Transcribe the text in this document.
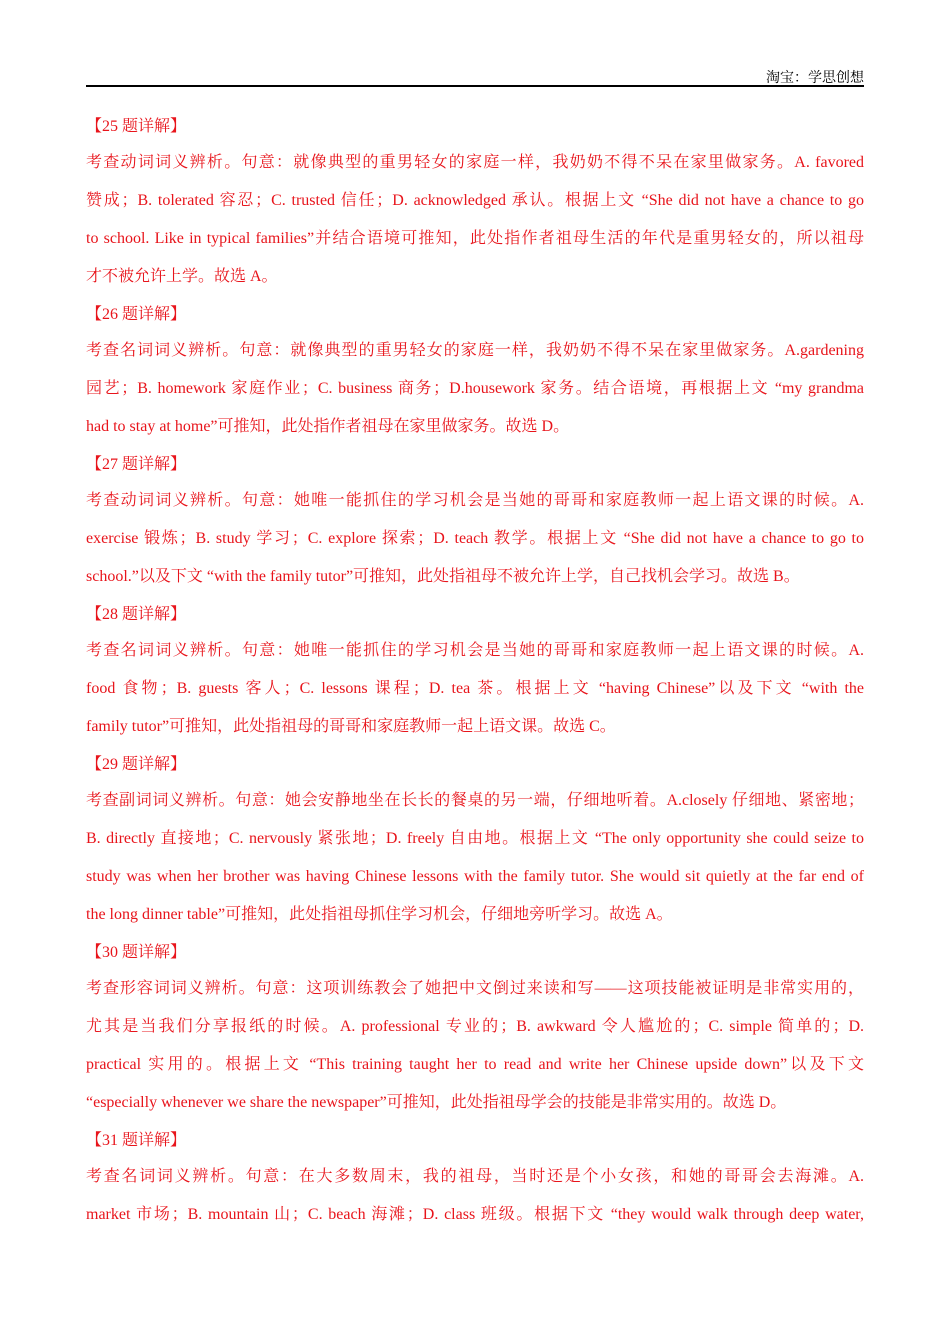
淘宝：学思创想
【25 题详解】
考查动词词义辨析。句意：就像典型的重男轻女的家庭一样，我奶奶不得不呆在家里做家务。A. favored
赞成；B. tolerated 容忍；C. trusted 信任；D. acknowledged 承认。根据上文 “She did not have a chance to go
to school. Like in typical families”并结合语境可推知，此处指作者祖母生活的年代是重男轻女的，所以祖母
才不被允许上学。故选 A。
【26 题详解】
考查名词词义辨析。句意：就像典型的重男轻女的家庭一样，我奶奶不得不呆在家里做家务。A.gardening
园艺；B. homework 家庭作业；C. business 商务；D.housework 家务。结合语境，再根据上文 “my grandma
had to stay at home”可推知，此处指作者祖母在家里做家务。故选 D。
【27 题详解】
考查动词词义辨析。句意：她唯一能抓住的学习机会是当她的哥哥和家庭教师一起上语文课的时候。A.
exercise 锻炼；B. study 学习；C. explore 探索；D. teach 教学。根据上文 “She did not have a chance to go to
school.”以及下文 “with the family tutor”可推知，此处指祖母不被允许上学，自己找机会学习。故选 B。
【28 题详解】
考查名词词义辨析。句意：她唯一能抓住的学习机会是当她的哥哥和家庭教师一起上语文课的时候。A.
food 食物；B. guests 客人；C. lessons 课程；D. tea 茶。根据上文 “having Chinese”以及下文 “with the
family tutor”可推知，此处指祖母的哥哥和家庭教师一起上语文课。故选 C。
【29 题详解】
考查副词词义辨析。句意：她会安静地坐在长长的餐桌的另一端，仔细地听着。A.closely 仔细地、紧密地；
B. directly 直接地；C. nervously 紧张地；D. freely 自由地。根据上文 “The only opportunity she could seize to
study was when her brother was having Chinese lessons with the family tutor. She would sit quietly at the far end of
the long dinner table”可推知，此处指祖母抓住学习机会，仔细地旁听学习。故选 A。
【30 题详解】
考查形容词词义辨析。句意：这项训练教会了她把中文倒过来读和写——这项技能被证明是非常实用的，
尤其是当我们分享报纸的时候。A. professional 专业的；B. awkward 令人尴尬的；C. simple 简单的；D.
practical 实用的。根据上文 “This training taught her to read and write her Chinese upside down”以及下文
“especially whenever we share the newspaper”可推知，此处指祖母学会的技能是非常实用的。故选 D。
【31 题详解】
考查名词词义辨析。句意：在大多数周末，我的祖母，当时还是个小女孩，和她的哥哥会去海滩。A.
market 市场；B. mountain 山；C. beach 海滩；D. class 班级。根据下文 “they would walk through deep water,
